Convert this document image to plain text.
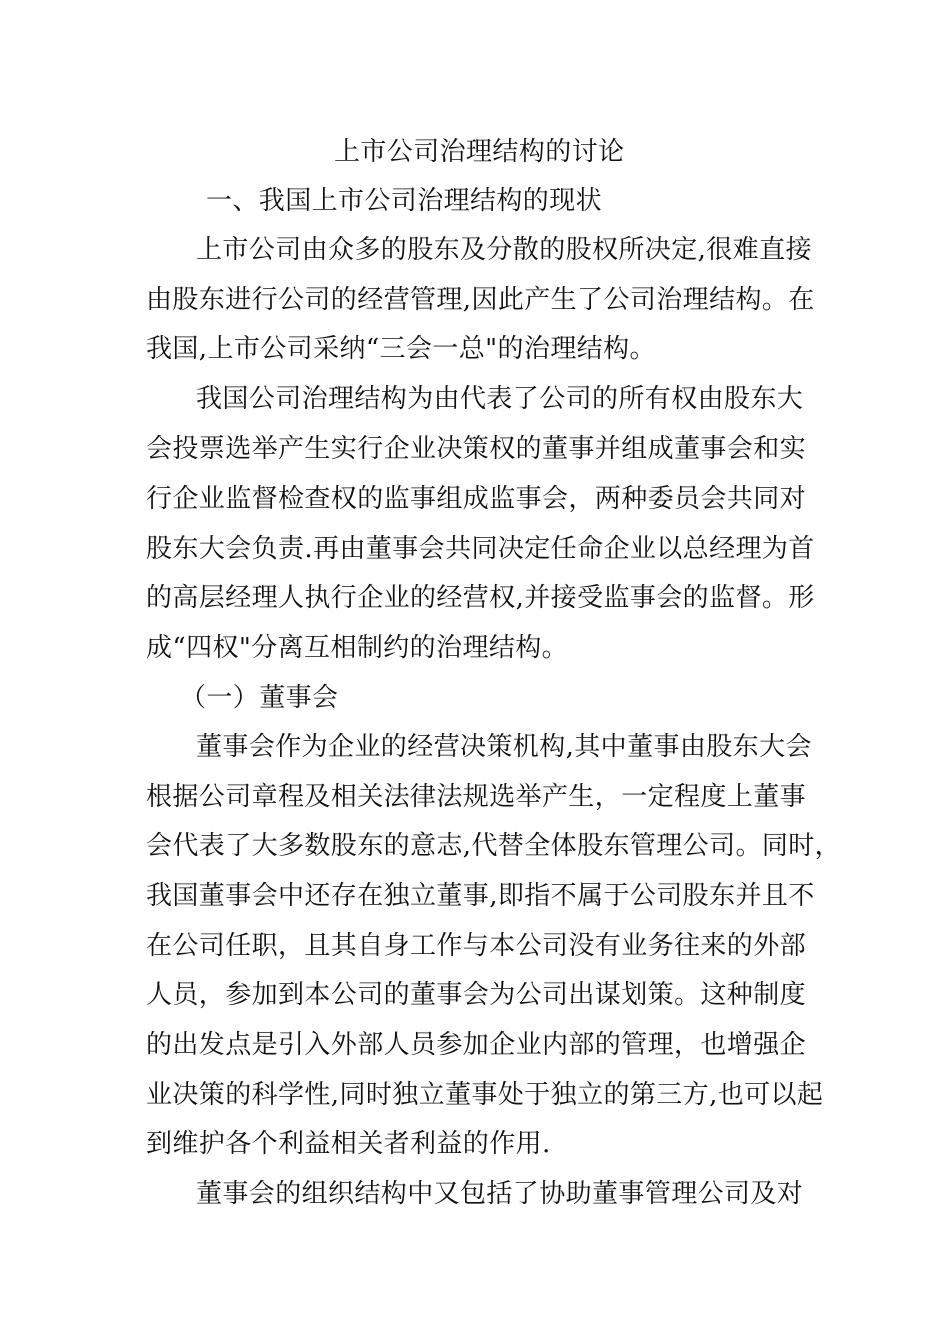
上市公司治理结构的讨论
一、我国上市公司治理结构的现状
上市公司由众多的股东及分散的股权所决定,很难直接
由股东进行公司的经营管理,因此产生了公司治理结构。在
我国,上市公司采纳“三会一总"的治理结构。
我国公司治理结构为由代表了公司的所有权由股东大
会投票选举产生实行企业决策权的董事并组成董事会和实
行企业监督检查权的监事组成监事会，两种委员会共同对
股东大会负责.再由董事会共同决定任命企业以总经理为首
的高层经理人执行企业的经营权,并接受监事会的监督。形
成“四权"分离互相制约的治理结构。
（一）董事会
董事会作为企业的经营决策机构,其中董事由股东大会
根据公司章程及相关法律法规选举产生，一定程度上董事
会代表了大多数股东的意志,代替全体股东管理公司。同时，
我国董事会中还存在独立董事,即指不属于公司股东并且不
在公司任职，且其自身工作与本公司没有业务往来的外部
人员，参加到本公司的董事会为公司出谋划策。这种制度
的出发点是引入外部人员参加企业内部的管理，也增强企
业决策的科学性,同时独立董事处于独立的第三方,也可以起
到维护各个利益相关者利益的作用.
董事会的组织结构中又包括了协助董事管理公司及对
